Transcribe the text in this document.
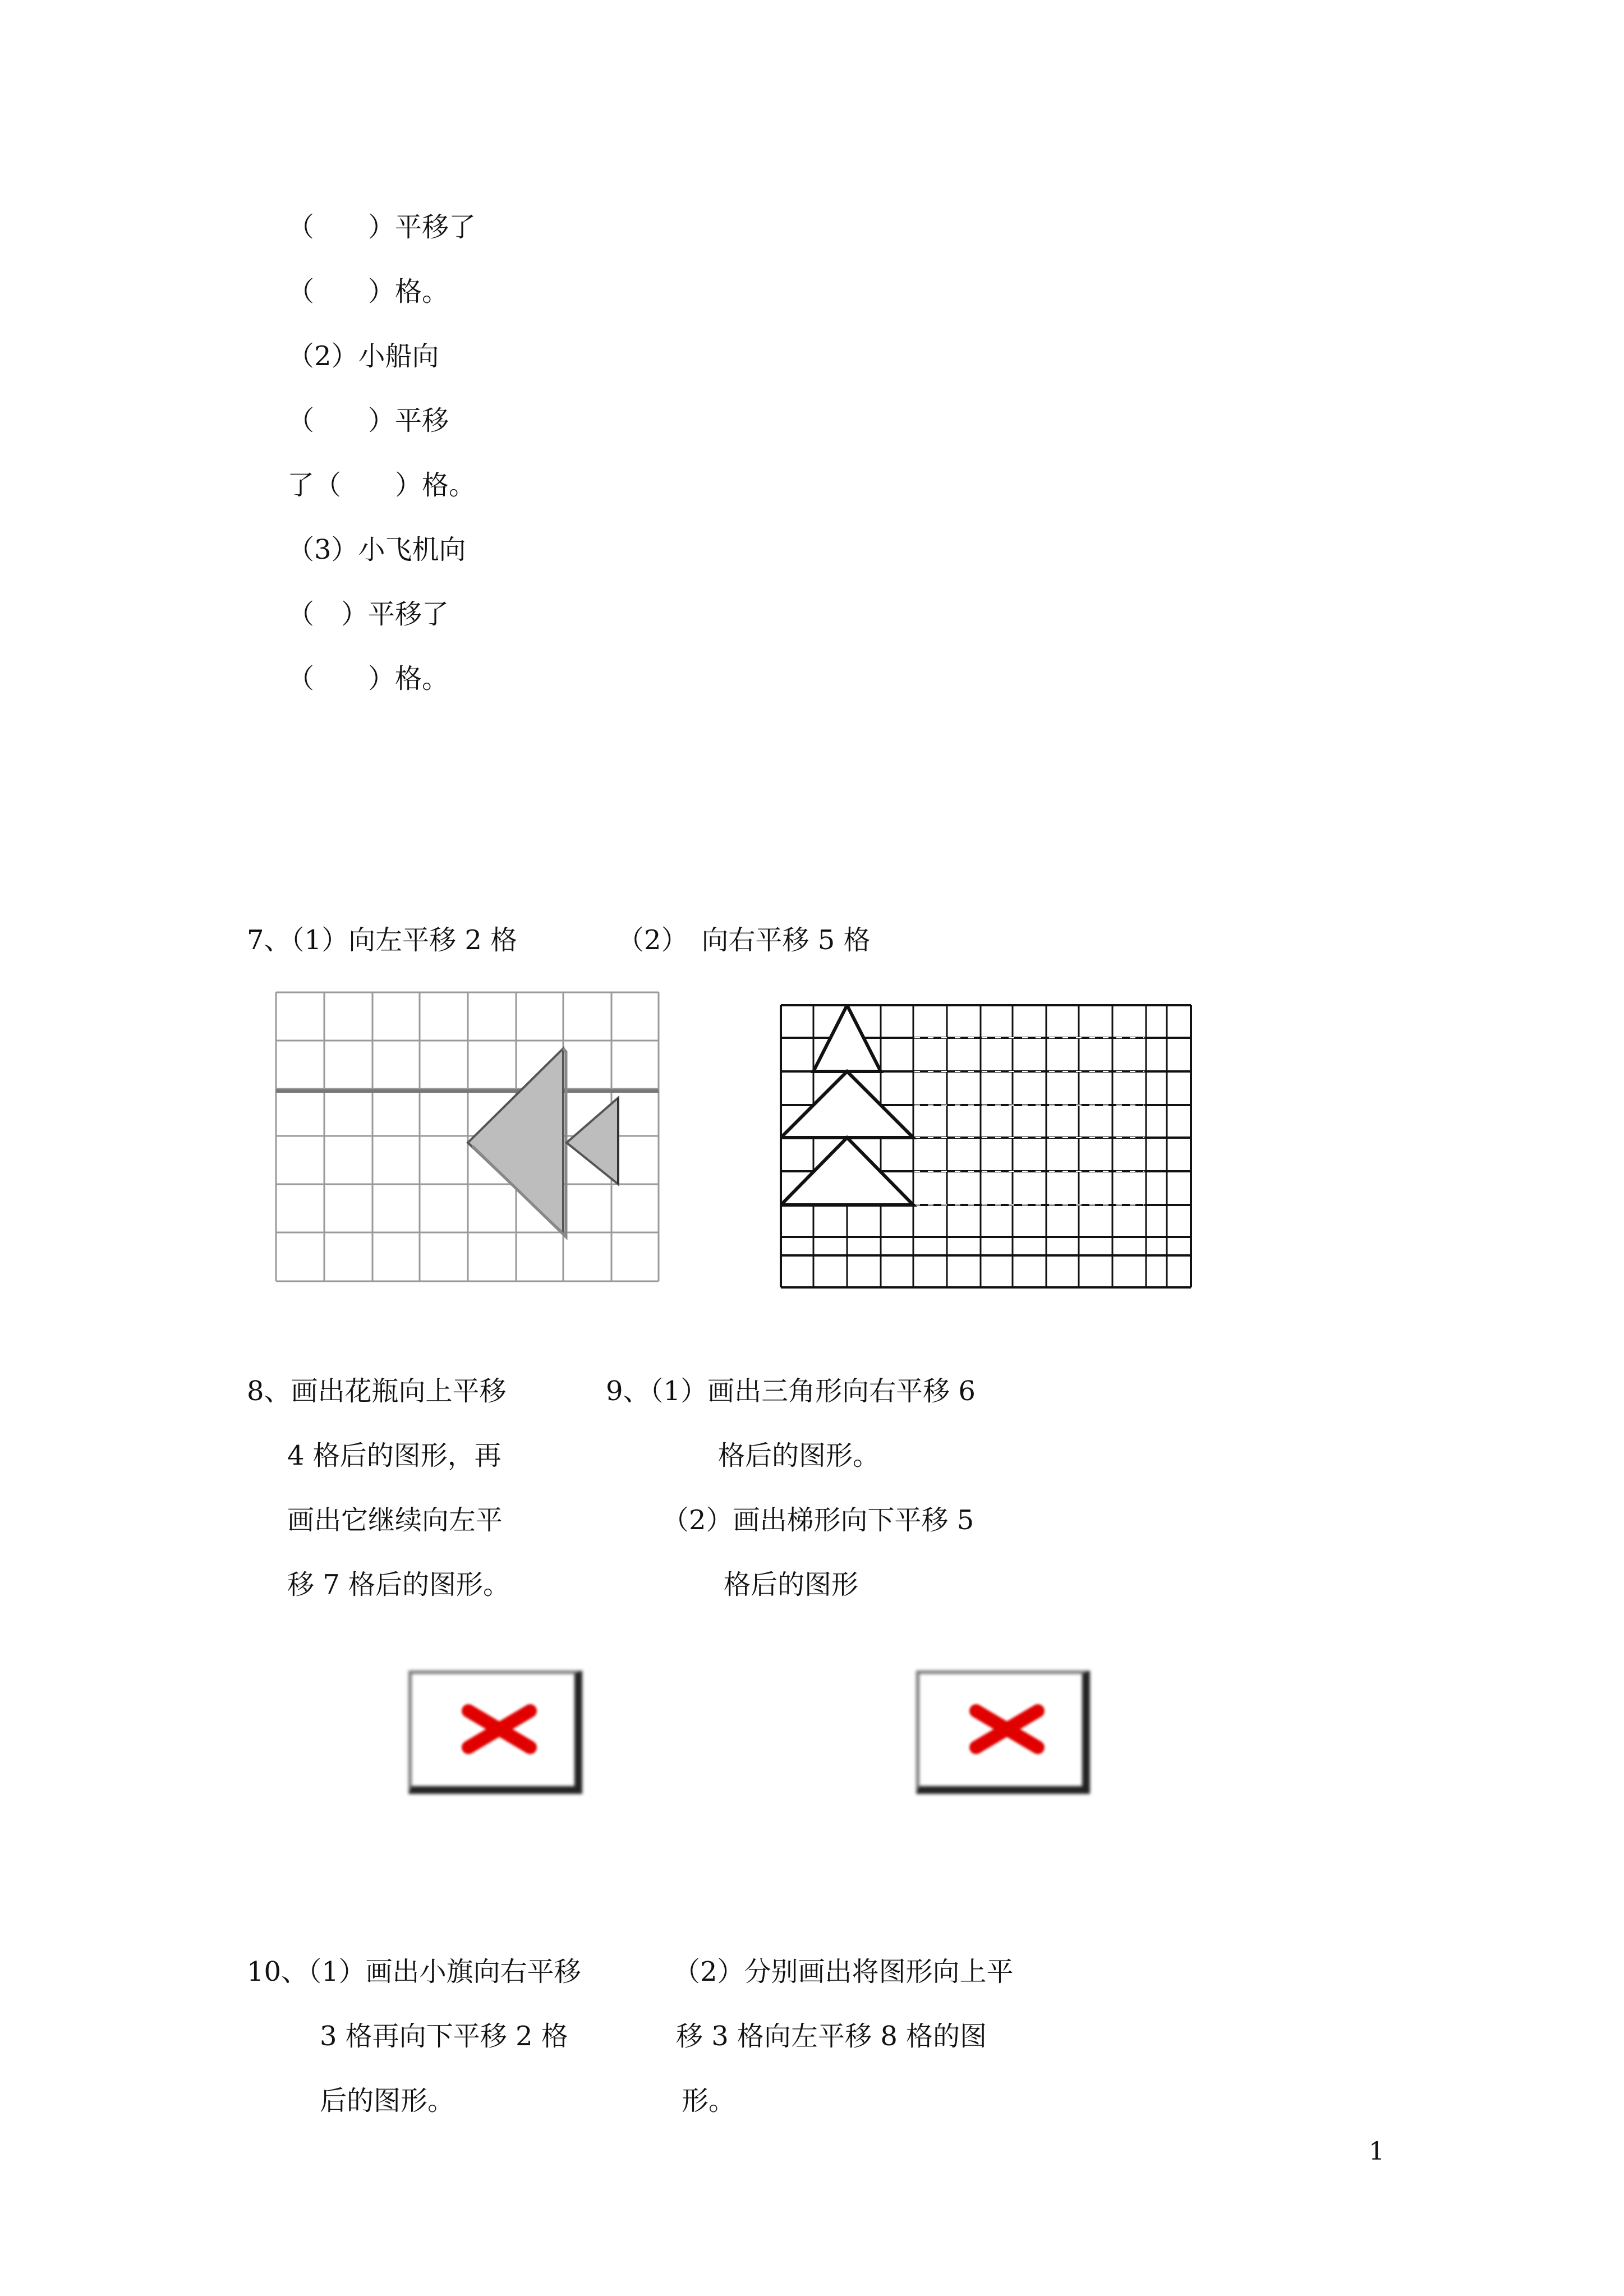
（　　）平移了
（　　）格。
（2）小船向
（　　）平移
了（　　）格。
（3）小飞机向
（　）平移了
（　　）格。
7、（1）向左平移 2 格	（2）　向右平移 5 格
8、画出花瓶向上平移
4 格后的图形，再
画出它继续向左平
移 7 格后的图形。
9、（1）画出三角形向右平移 6
格后的图形。
（2）画出梯形向下平移 5
格后的图形
10、（1）画出小旗向右平移
3 格再向下平移 2 格
后的图形。
（2）分别画出将图形向上平
移 3 格向左平移 8 格的图
形。
1
